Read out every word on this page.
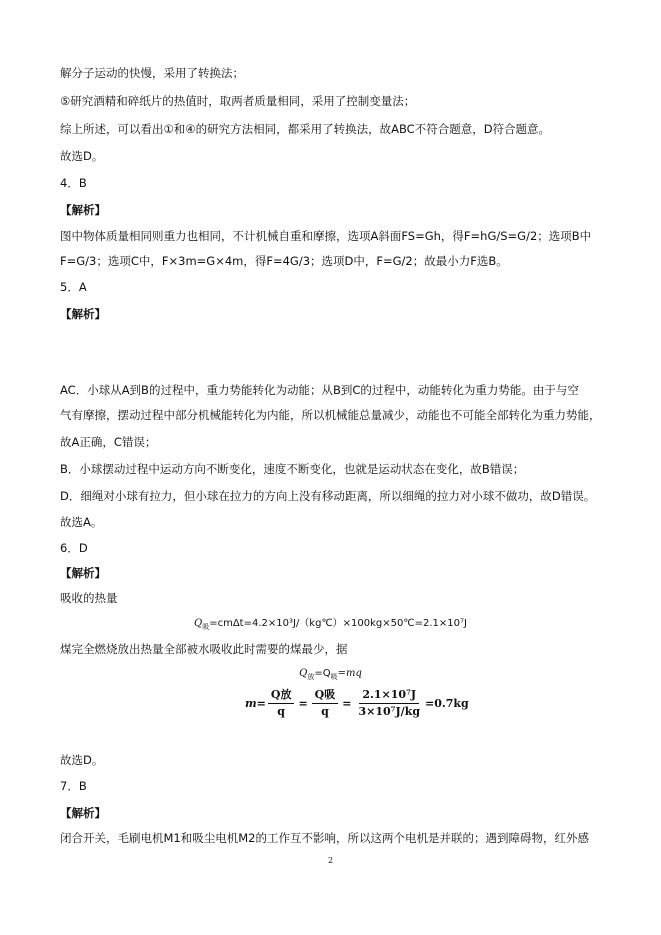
解分子运动的快慢，采用了转换法；
⑤研究酒精和碎纸片的热值时，取两者质量相同，采用了控制变量法；
综上所述，可以看出①和④的研究方法相同，都采用了转换法，故ABC不符合题意，D符合题意。
故选D。
4．B
【解析】
图中物体质量相同则重力也相同，不计机械自重和摩擦，选项A斜面FS=Gh，得F=hG/S=G/2；选项B中
F=G/3；选项C中，F×3m=G×4m，得F=4G/3；选项D中，F=G/2；故最小力F选B。
5．A
【解析】
AC．小球从A到B的过程中，重力势能转化为动能；从B到C的过程中，动能转化为重力势能。由于与空
气有摩擦，摆动过程中部分机械能转化为内能，所以机械能总量减少，动能也不可能全部转化为重力势能，
故A正确，C错误；
B．小球摆动过程中运动方向不断变化，速度不断变化，也就是运动状态在变化，故B错误；
D．细绳对小球有拉力，但小球在拉力的方向上没有移动距离，所以细绳的拉力对小球不做功，故D错误。
故选A。
6．D
【解析】
吸收的热量
$Q_吸=cm\Delta t=4.2\times 10^3J/(kg℃)\times 100kg\times 50℃=2.1\times 10^7J$
煤完全燃烧放出热量全部被水吸收此时需要的煤最少，据
$Q_放=Q_吸=mq$
$m= \frac{\text{Q放}}{q} = \frac{\text{Q吸}}{q} = \frac{\text{2.1×10⁷J}}{\text{3×10⁷J/kg}} =0.7kg$
故选D。
7．B
【解析】
闭合开关，毛刷电机M1和吸尘电机M2的工作互不影响，所以这两个电机是并联的；遇到障碍物，红外感
2
